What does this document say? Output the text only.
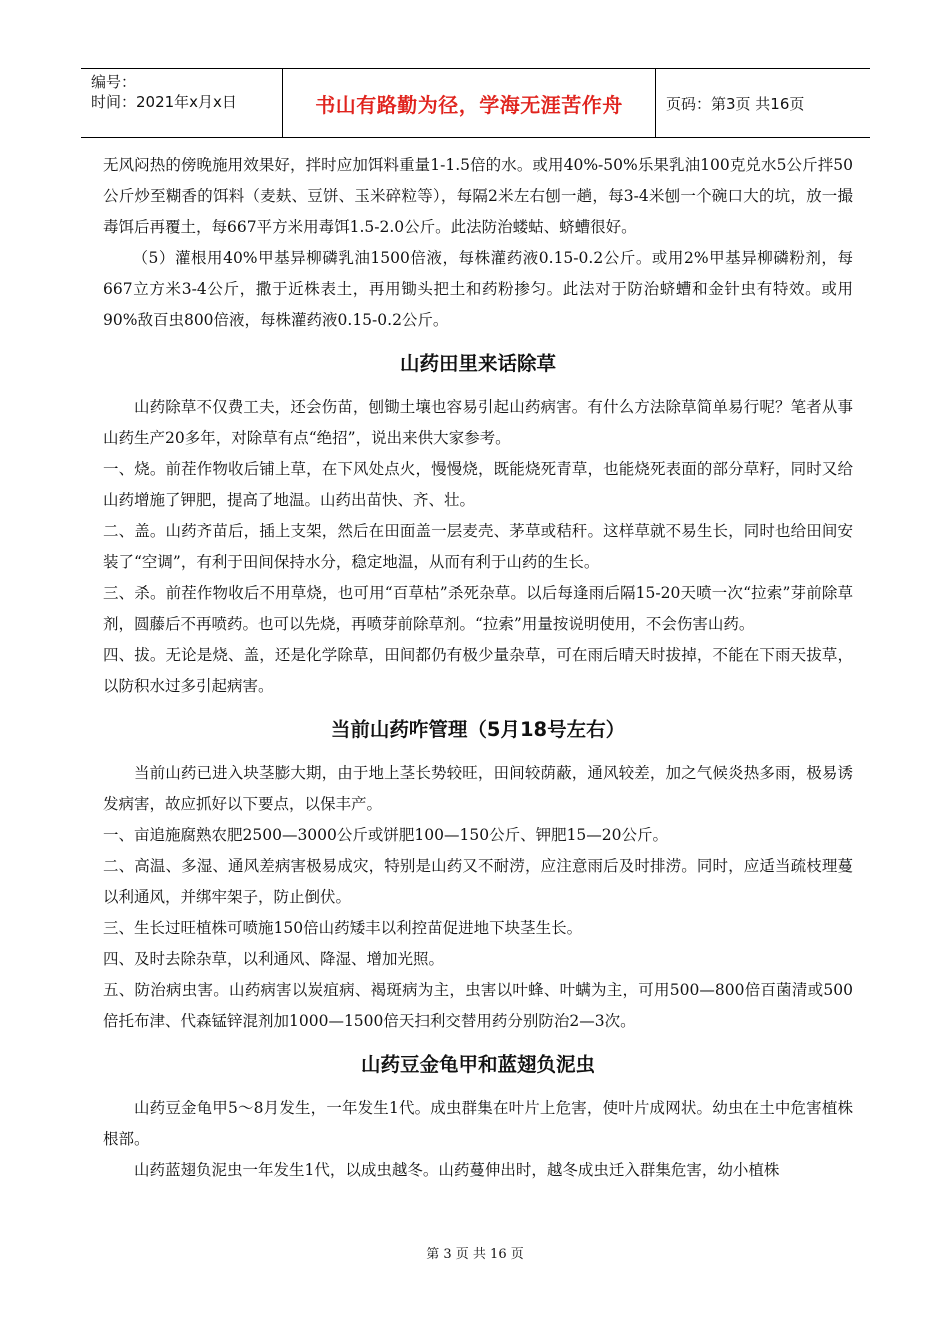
编号：
时间：2021年x月x日	书山有路勤为径，学海无涯苦作舟	页码：第3页 共16页

无风闷热的傍晚施用效果好，拌时应加饵料重量1-1.5倍的水。或用40%-50%乐果乳油100克兑水5公斤拌50公斤炒至糊香的饵料（麦麸、豆饼、玉米碎粒等），每隔2米左右刨一趟，每3-4米刨一个碗口大的坑，放一撮毒饵后再覆土，每667平方米用毒饵1.5-2.0公斤。此法防治蝼蛄、蛴螬很好。

（5）灌根用40%甲基异柳磷乳油1500倍液，每株灌药液0.15-0.2公斤。或用2%甲基异柳磷粉剂，每667立方米3-4公斤，撒于近株表土，再用锄头把土和药粉掺匀。此法对于防治蛴螬和金针虫有特效。或用90%敌百虫800倍液，每株灌药液0.15-0.2公斤。

山药田里来话除草

山药除草不仅费工夫，还会伤苗，刨锄土壤也容易引起山药病害。有什么方法除草简单易行呢？笔者从事山药生产20多年，对除草有点“绝招”，说出来供大家参考。

一、烧。前茬作物收后铺上草，在下风处点火，慢慢烧，既能烧死青草，也能烧死表面的部分草籽，同时又给山药增施了钾肥，提高了地温。山药出苗快、齐、壮。

二、盖。山药齐苗后，插上支架，然后在田面盖一层麦壳、茅草或秸秆。这样草就不易生长，同时也给田间安装了“空调”，有利于田间保持水分，稳定地温，从而有利于山药的生长。

三、杀。前茬作物收后不用草烧，也可用“百草枯”杀死杂草。以后每逢雨后隔15-20天喷一次“拉索”芽前除草剂，圆藤后不再喷药。也可以先烧，再喷芽前除草剂。“拉索”用量按说明使用，不会伤害山药。

四、拔。无论是烧、盖，还是化学除草，田间都仍有极少量杂草，可在雨后晴天时拔掉，不能在下雨天拔草，以防积水过多引起病害。

当前山药咋管理（5月18号左右）

当前山药已进入块茎膨大期，由于地上茎长势较旺，田间较荫蔽，通风较差，加之气候炎热多雨，极易诱发病害，故应抓好以下要点，以保丰产。

一、亩追施腐熟农肥2500—3000公斤或饼肥100—150公斤、钾肥15—20公斤。

二、高温、多湿、通风差病害极易成灾，特别是山药又不耐涝，应注意雨后及时排涝。同时，应适当疏枝理蔓以利通风，并绑牢架子，防止倒伏。

三、生长过旺植株可喷施150倍山药矮丰以利控苗促进地下块茎生长。

四、及时去除杂草，以利通风、降湿、增加光照。

五、防治病虫害。山药病害以炭疽病、褐斑病为主，虫害以叶蜂、叶螨为主，可用500—800倍百菌清或500倍托布津、代森锰锌混剂加1000—1500倍天扫利交替用药分别防治2—3次。

山药豆金龟甲和蓝翅负泥虫

山药豆金龟甲5～8月发生，一年发生1代。成虫群集在叶片上危害，使叶片成网状。幼虫在土中危害植株根部。

山药蓝翅负泥虫一年发生1代，以成虫越冬。山药蔓伸出时，越冬成虫迁入群集危害，幼小植株

第 3 页 共 16 页
